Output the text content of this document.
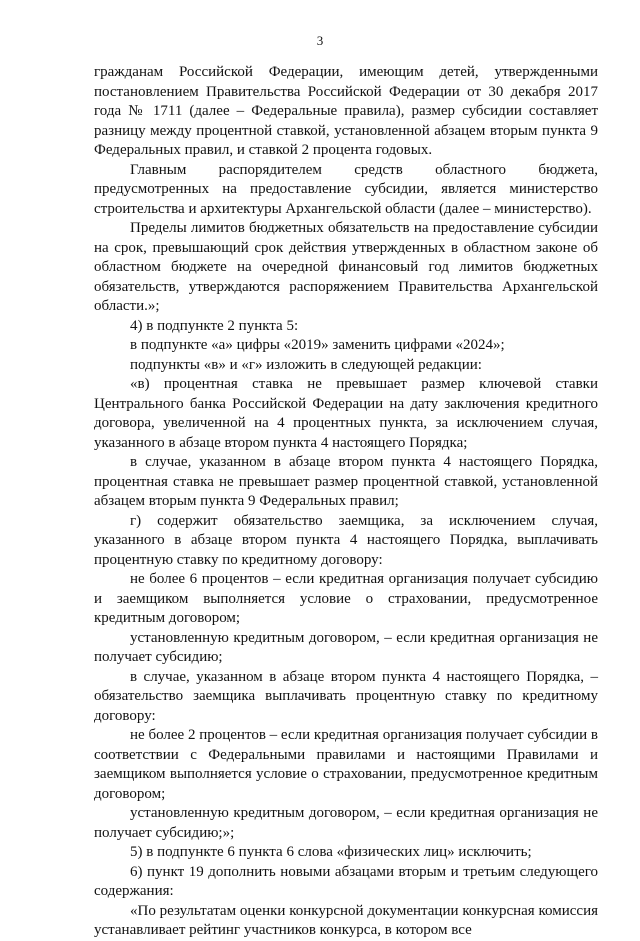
3

гражданам Российской Федерации, имеющим детей, утвержденными постановлением Правительства Российской Федерации от 30 декабря 2017 года № 1711 (далее – Федеральные правила), размер субсидии составляет разницу между процентной ставкой, установленной абзацем вторым пункта 9 Федеральных правил, и ставкой 2 процента годовых.

Главным распорядителем средств областного бюджета, предусмотренных на предоставление субсидии, является министерство строительства и архитектуры Архангельской области (далее – министерство).

Пределы лимитов бюджетных обязательств на предоставление субсидии на срок, превышающий срок действия утвержденных в областном законе об областном бюджете на очередной финансовый год лимитов бюджетных обязательств, утверждаются распоряжением Правительства Архангельской области.»;

4) в подпункте 2 пункта 5:

в подпункте «а» цифры «2019» заменить цифрами «2024»;

подпункты «в» и «г» изложить в следующей редакции:

«в) процентная ставка не превышает размер ключевой ставки Центрального банка Российской Федерации на дату заключения кредитного договора, увеличенной на 4 процентных пункта, за исключением случая, указанного в абзаце втором пункта 4 настоящего Порядка;

в случае, указанном в абзаце втором пункта 4 настоящего Порядка, процентная ставка не превышает размер процентной ставкой, установленной абзацем вторым пункта 9 Федеральных правил;

г) содержит обязательство заемщика, за исключением случая, указанного в абзаце втором пункта 4 настоящего Порядка, выплачивать процентную ставку по кредитному договору:

не более 6 процентов – если кредитная организация получает субсидию и заемщиком выполняется условие о страховании, предусмотренное кредитным договором;

установленную кредитным договором, – если кредитная организация не получает субсидию;

в случае, указанном в абзаце втором пункта 4 настоящего Порядка, – обязательство заемщика выплачивать процентную ставку по кредитному договору:

не более 2 процентов – если кредитная организация получает субсидии в соответствии с Федеральными правилами и настоящими Правилами и заемщиком выполняется условие о страховании, предусмотренное кредитным договором;

установленную кредитным договором, – если кредитная организация не получает субсидию;»;

5) в подпункте 6 пункта 6 слова «физических лиц» исключить;

6) пункт 19 дополнить новыми абзацами вторым и третьим следующего содержания:

«По результатам оценки конкурсной документации конкурсная комиссия устанавливает рейтинг участников конкурса, в котором все
